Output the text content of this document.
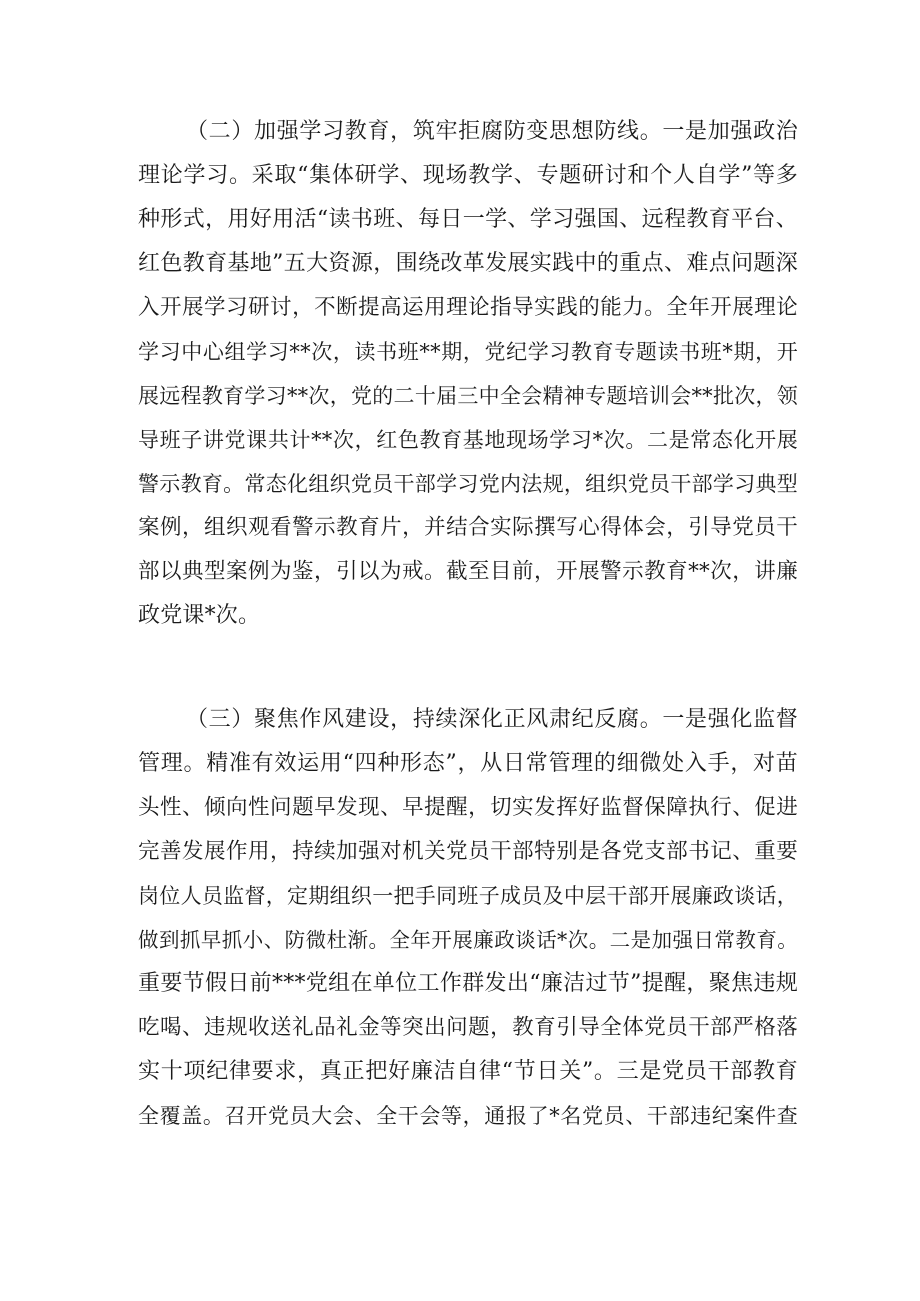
（二）加强学习教育，筑牢拒腐防变思想防线。一是加强政治
理论学习。采取“集体研学、现场教学、专题研讨和个人自学”等多
种形式，用好用活“读书班、每日一学、学习强国、远程教育平台、
红色教育基地”五大资源，围绕改革发展实践中的重点、难点问题深
入开展学习研讨，不断提高运用理论指导实践的能力。全年开展理论
学习中心组学习**次，读书班**期，党纪学习教育专题读书班*期，开
展远程教育学习**次，党的二十届三中全会精神专题培训会**批次，领
导班子讲党课共计**次，红色教育基地现场学习*次。二是常态化开展
警示教育。常态化组织党员干部学习党内法规，组织党员干部学习典型
案例，组织观看警示教育片，并结合实际撰写心得体会，引导党员干
部以典型案例为鉴，引以为戒。截至目前，开展警示教育**次，讲廉
政党课*次。
（三）聚焦作风建设，持续深化正风肃纪反腐。一是强化监督
管理。精准有效运用“四种形态”，从日常管理的细微处入手，对苗
头性、倾向性问题早发现、早提醒，切实发挥好监督保障执行、促进
完善发展作用，持续加强对机关党员干部特别是各党支部书记、重要
岗位人员监督，定期组织一把手同班子成员及中层干部开展廉政谈话，
做到抓早抓小、防微杜渐。全年开展廉政谈话*次。二是加强日常教育。
重要节假日前***党组在单位工作群发出“廉洁过节”提醒，聚焦违规
吃喝、违规收送礼品礼金等突出问题，教育引导全体党员干部严格落
实十项纪律要求，真正把好廉洁自律“节日关”。三是党员干部教育
全覆盖。召开党员大会、全干会等，通报了*名党员、干部违纪案件查
